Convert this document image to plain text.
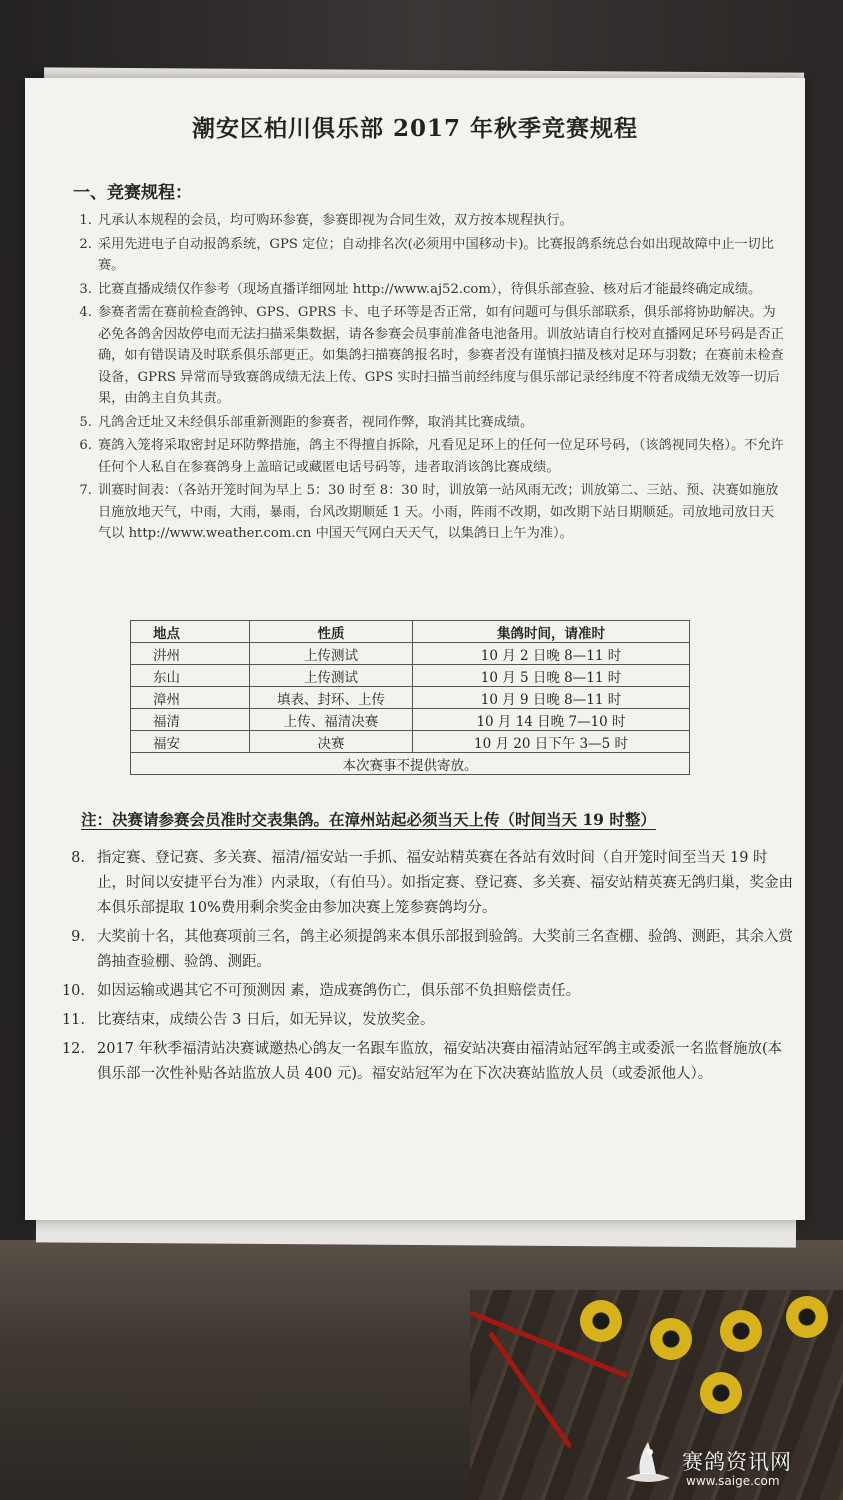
潮安区柏川俱乐部 2017 年秋季竞赛规程
一、竞赛规程：
1. 凡承认本规程的会员，均可购环参赛，参赛即视为合同生效，双方按本规程执行。
2. 采用先进电子自动报鸽系统，GPS 定位；自动排名次(必须用中国移动卡)。比赛报鸽系统总台如出现故障中止一切比赛。
3. 比赛直播成绩仅作参考（现场直播详细网址 http://www.aj52.com），待俱乐部查验、核对后才能最终确定成绩。
4. 参赛者需在赛前检查鸽钟、GPS、GPRS 卡、电子环等是否正常，如有问题可与俱乐部联系，俱乐部将协助解决。为必免各鸽舍因故停电而无法扫描采集数据，请各参赛会员事前准备电池备用。训放站请自行校对直播网足环号码是否正确，如有错误请及时联系俱乐部更正。如集鸽扫描赛鸽报名时，参赛者没有谨慎扫描及核对足环与羽数；在赛前未检查设备，GPRS 异常而导致赛鸽成绩无法上传、GPS 实时扫描当前经纬度与俱乐部记录经纬度不符者成绩无效等一切后果，由鸽主自负其责。
5. 凡鸽舍迁址又未经俱乐部重新测距的参赛者，视同作弊，取消其比赛成绩。
6. 赛鸽入笼将采取密封足环防弊措施，鸽主不得擅自拆除，凡看见足环上的任何一位足环号码，（该鸽视同失格）。不允许任何个人私自在参赛鸽身上盖暗记或藏匿电话号码等，违者取消该鸽比赛成绩。
7. 训赛时间表：（各站开笼时间为早上 5：30 时至 8：30 时，训放第一站风雨无改；训放第二、三站、预、决赛如施放日施放地天气，中雨，大雨，暴雨，台风改期顺延 1 天。小雨，阵雨不改期，如改期下站日期顺延。司放地司放日天气以 http://www.weather.com.cn 中国天气网白天天气，以集鸽日上午为准）。
地点	性质	集鸽时间，请准时
汫州	上传测试	10 月 2 日晚 8—11 时
东山	上传测试	10 月 5 日晚 8—11 时
漳州	填表、封环、上传	10 月 9 日晚 8—11 时
福清	上传、福清决赛	10 月 14 日晚 7—10 时
福安	决赛	10 月 20 日下午 3—5 时
本次赛事不提供寄放。		
注：决赛请参赛会员准时交表集鸽。在漳州站起必须当天上传（时间当天 19 时整）
8. 指定赛、登记赛、多关赛、福清/福安站一手抓、福安站精英赛在各站有效时间（自开笼时间至当天 19 时止，时间以安捷平台为准）内录取，（有伯马）。如指定赛、登记赛、多关赛、福安站精英赛无鸽归巢，奖金由本俱乐部提取 10%费用剩余奖金由参加决赛上笼参赛鸽均分。
9. 大奖前十名，其他赛项前三名，鸽主必须提鸽来本俱乐部报到验鸽。大奖前三名查棚、验鸽、测距，其余入赏鸽抽查验棚、验鸽、测距。
10. 如因运输或遇其它不可预测因 素，造成赛鸽伤亡，俱乐部不负担赔偿责任。
11. 比赛结束，成绩公告 3 日后，如无异议，发放奖金。
12. 2017 年秋季福清站决赛诚邀热心鸽友一名跟车监放，福安站决赛由福清站冠军鸽主或委派一名监督施放(本俱乐部一次性补贴各站监放人员 400 元)。福安站冠军为在下次决赛站监放人员（或委派他人）。
赛鸽资讯网
www.saige.com
